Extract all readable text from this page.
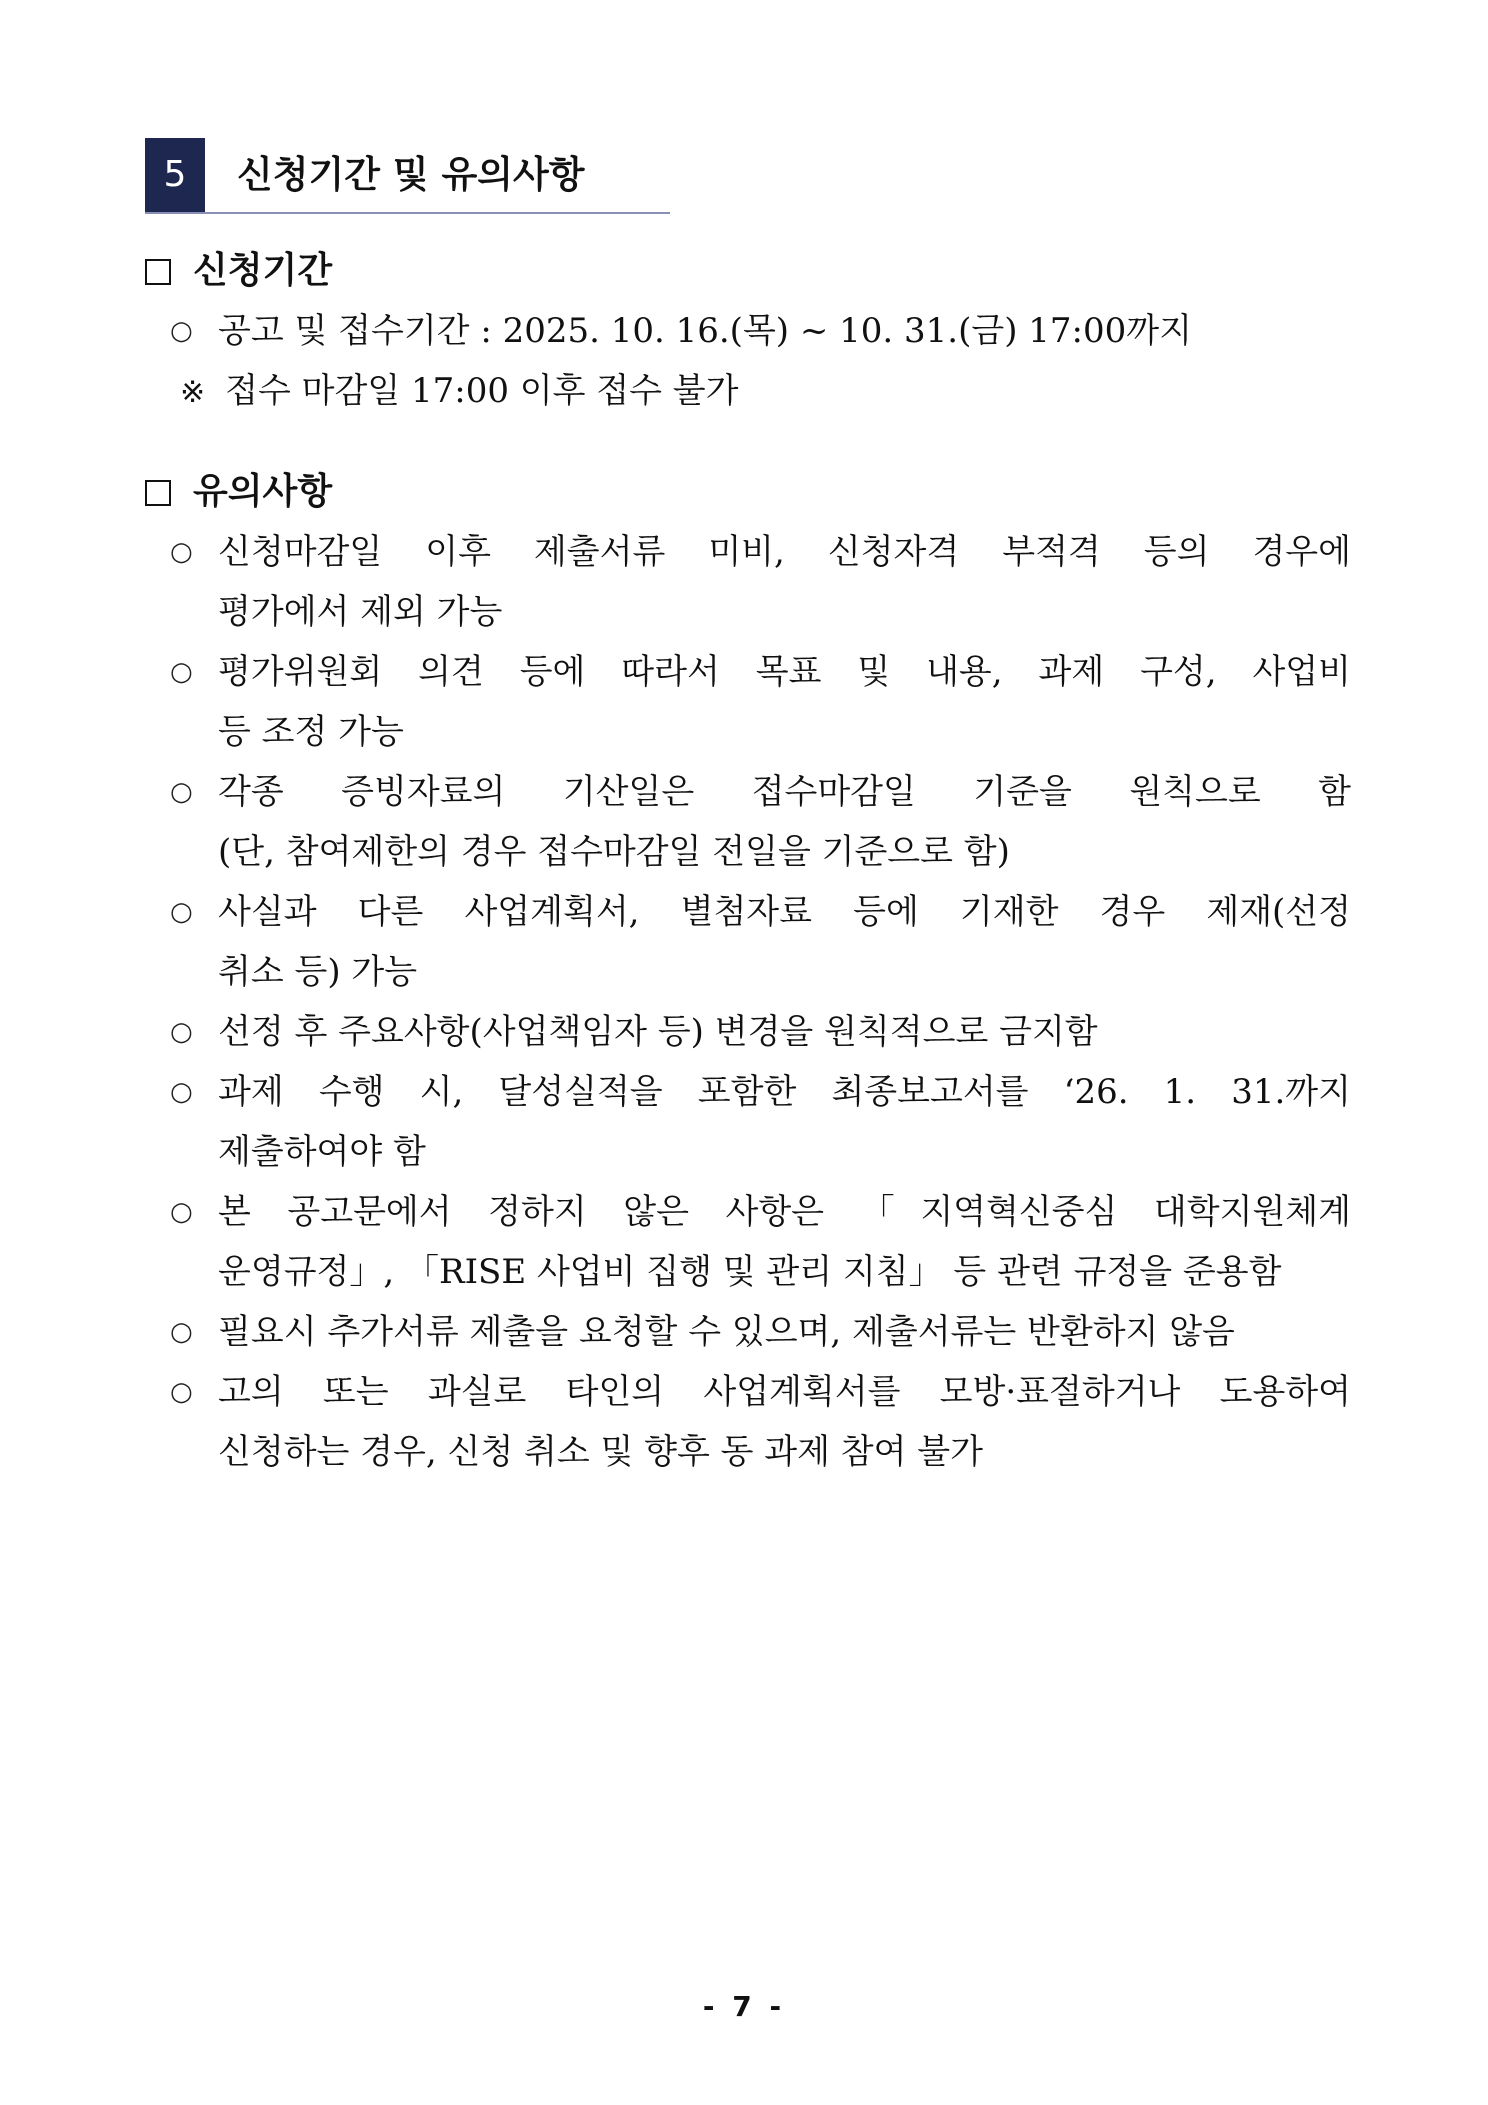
5	신청기간 및 유의사항
신청기간
○ 공고 및 접수기간 : 2025. 10. 16.(목) ~ 10. 31.(금) 17:00까지
※ 접수 마감일 17:00 이후 접수 불가
유의사항
○ 신청마감일 이후 제출서류 미비, 신청자격 부적격 등의 경우에
평가에서 제외 가능
○ 평가위원회 의견 등에 따라서 목표 및 내용, 과제 구성, 사업비
등 조정 가능
○ 각종 증빙자료의 기산일은 접수마감일 기준을 원칙으로 함
(단, 참여제한의 경우 접수마감일 전일을 기준으로 함)
○ 사실과 다른 사업계획서, 별첨자료 등에 기재한 경우 제재(선정
취소 등) 가능
○ 선정 후 주요사항(사업책임자 등) 변경을 원칙적으로 금지함
○ 과제 수행 시, 달성실적을 포함한 최종보고서를 ‘26. 1. 31.까지
제출하여야 함
○ 본 공고문에서 정하지 않은 사항은 「지역혁신중심 대학지원체계
운영규정」, 「RISE 사업비 집행 및 관리 지침」 등 관련 규정을 준용함
○ 필요시 추가서류 제출을 요청할 수 있으며, 제출서류는 반환하지 않음
○ 고의 또는 과실로 타인의 사업계획서를 모방·표절하거나 도용하여
신청하는 경우, 신청 취소 및 향후 동 과제 참여 불가
- 7 -
